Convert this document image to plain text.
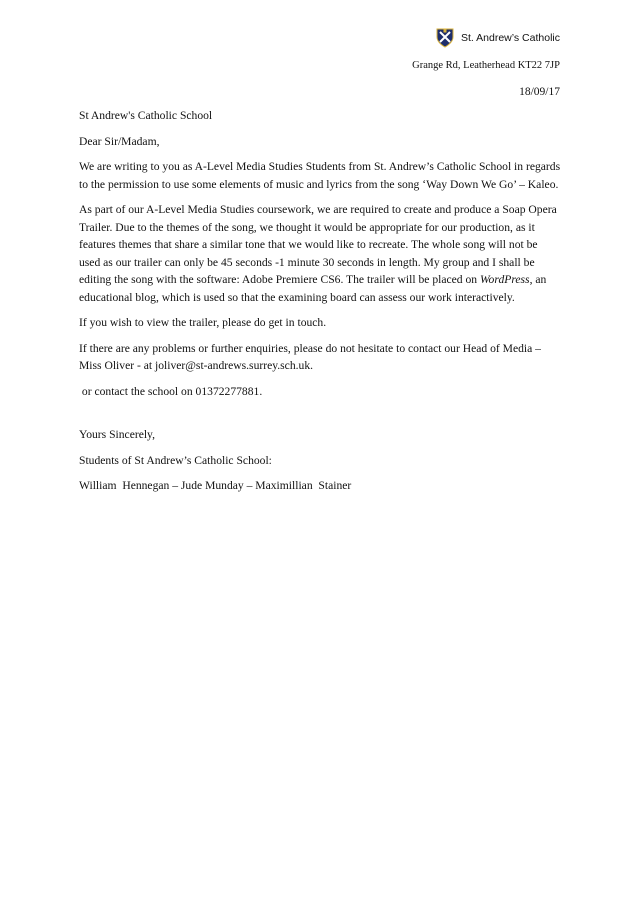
St. Andrew’s Catholic
Grange Rd, Leatherhead KT22 7JP
18/09/17

St Andrew's Catholic School

Dear Sir/Madam,

We are writing to you as A-Level Media Studies Students from St. Andrew’s Catholic School in regards to the permission to use some elements of music and lyrics from the song ‘Way Down We Go’ – Kaleo.

As part of our A-Level Media Studies coursework, we are required to create and produce a Soap Opera Trailer. Due to the themes of the song, we thought it would be appropriate for our production, as it features themes that share a similar tone that we would like to recreate. The whole song will not be used as our trailer can only be 45 seconds -1 minute 30 seconds in length. My group and I shall be editing the song with the software: Adobe Premiere CS6. The trailer will be placed on WordPress, an educational blog, which is used so that the examining board can assess our work interactively.

If you wish to view the trailer, please do get in touch.

If there are any problems or further enquiries, please do not hesitate to contact our Head of Media – Miss Oliver - at joliver@st-andrews.surrey.sch.uk.

or contact the school on 01372277881.

Yours Sincerely,

Students of St Andrew’s Catholic School:

William  Hennegan – Jude Munday – Maximillian  Stainer
